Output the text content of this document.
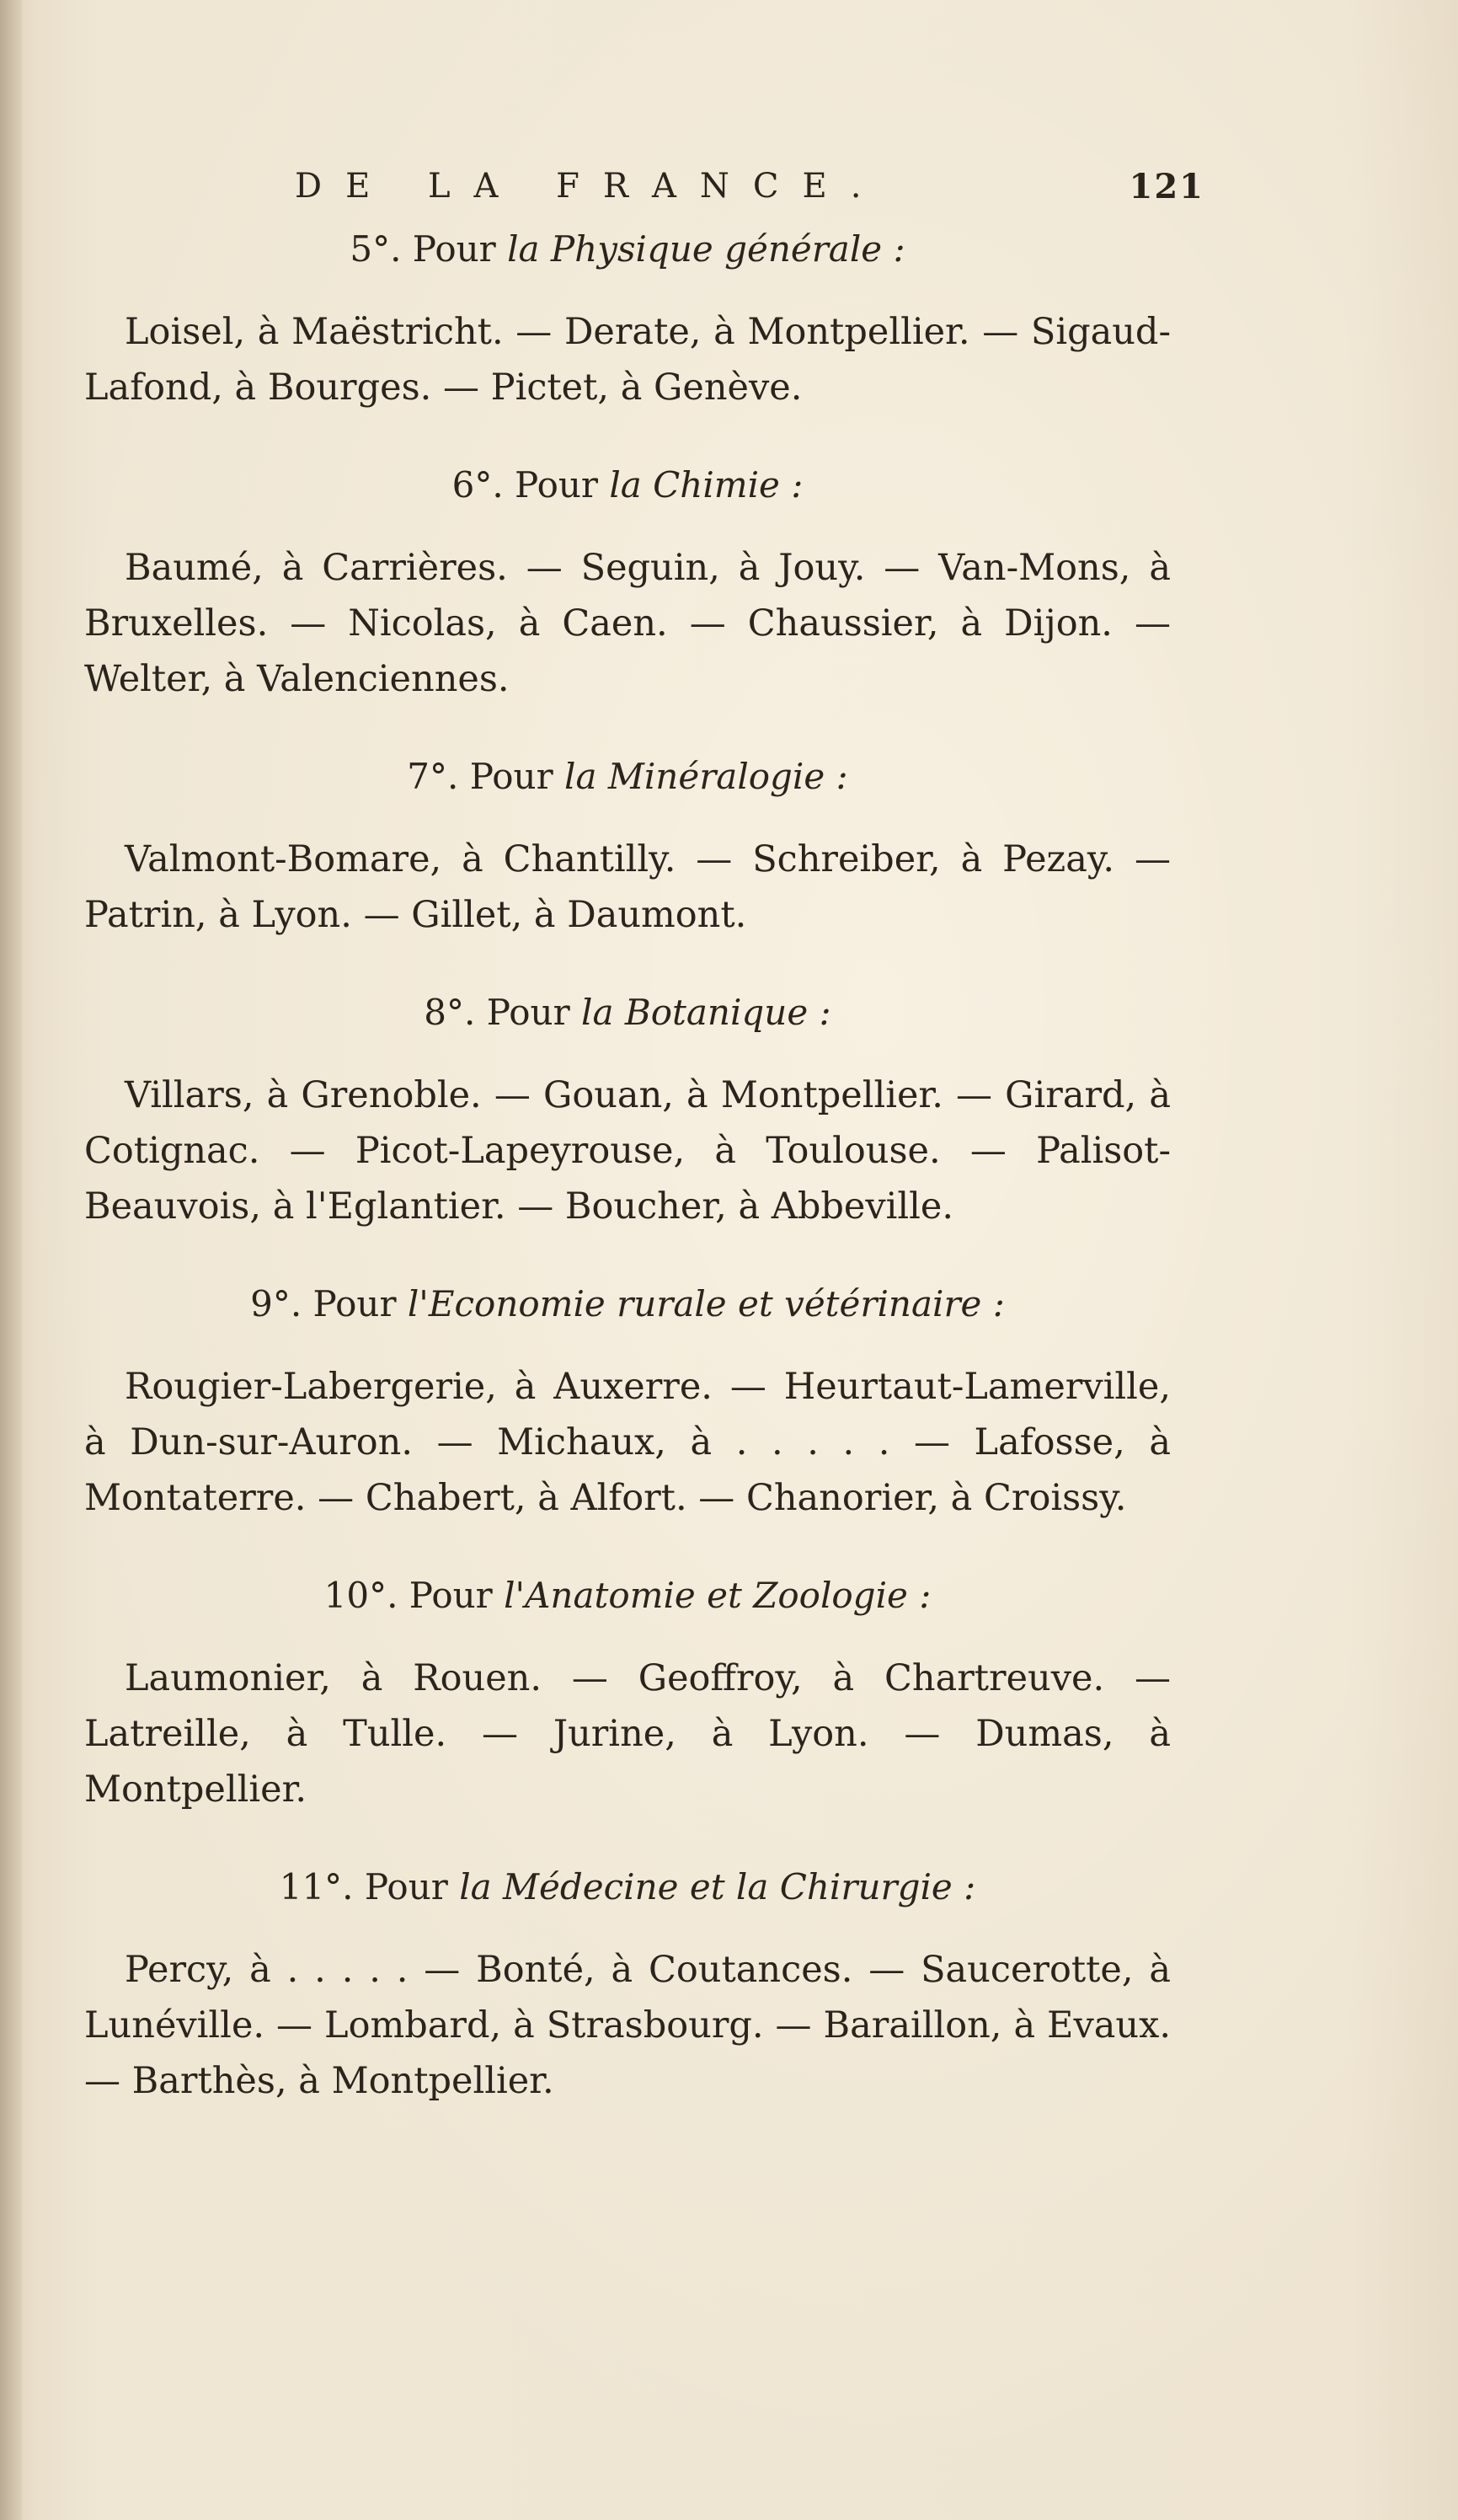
DE LA FRANCE.	121

5°. Pour la Physique générale :

Loisel, à Maëstricht. — Derate, à Montpellier. — Sigaud-Lafond, à Bourges. — Pictet, à Genève.

6°. Pour la Chimie :

Baumé, à Carrières. — Seguin, à Jouy. — Van-Mons, à Bruxelles. — Nicolas, à Caen. — Chaussier, à Dijon. — Welter, à Valenciennes.

7°. Pour la Minéralogie :

Valmont-Bomare, à Chantilly. — Schreiber, à Pezay. — Patrin, à Lyon. — Gillet, à Daumont.

8°. Pour la Botanique :

Villars, à Grenoble. — Gouan, à Montpellier. — Girard, à Cotignac. — Picot-Lapeyrouse, à Toulouse. — Palisot-Beauvois, à l'Eglantier. — Boucher, à Abbeville.

9°. Pour l'Economie rurale et vétérinaire :

Rougier-Labergerie, à Auxerre. — Heurtaut-Lamerville, à Dun-sur-Auron. — Michaux, à . . . . . — Lafosse, à Montaterre. — Chabert, à Alfort. — Chanorier, à Croissy.

10°. Pour l'Anatomie et Zoologie :

Laumonier, à Rouen. — Geoffroy, à Chartreuve. — Latreille, à Tulle. — Jurine, à Lyon. — Dumas, à Montpellier.

11°. Pour la Médecine et la Chirurgie :

Percy, à . . . . . — Bonté, à Coutances. — Saucerotte, à Lunéville. — Lombard, à Strasbourg. — Baraillon, à Evaux. — Barthès, à Montpellier.
